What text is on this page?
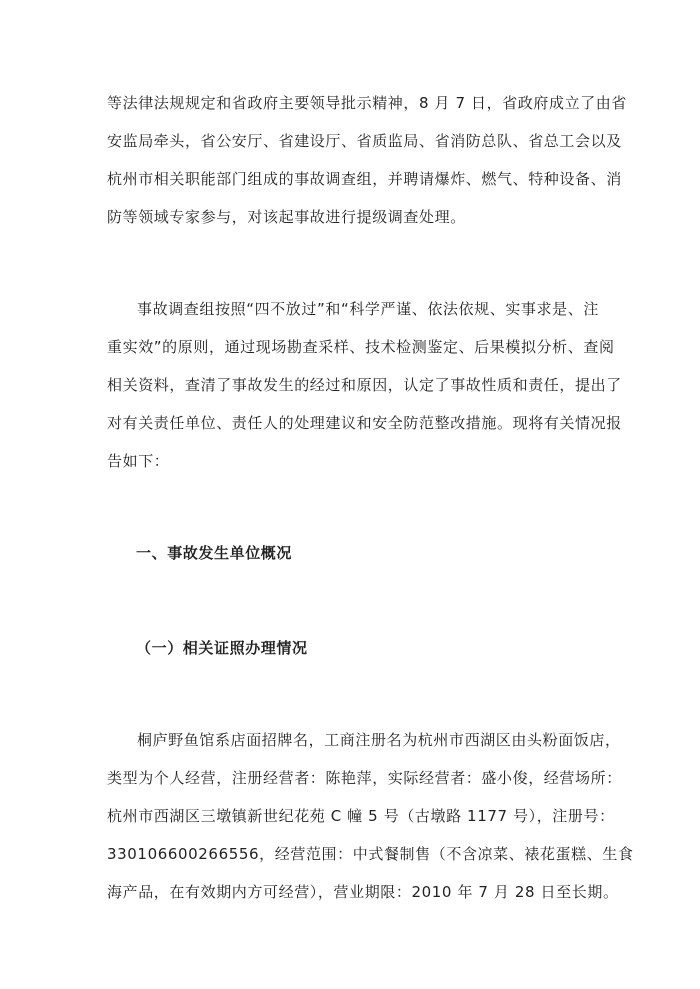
等法律法规规定和省政府主要领导批示精神，8 月 7 日，省政府成立了由省
安监局牵头，省公安厅、省建设厅、省质监局、省消防总队、省总工会以及
杭州市相关职能部门组成的事故调查组，并聘请爆炸、燃气、特种设备、消
防等领域专家参与，对该起事故进行提级调查处理。
事故调查组按照“四不放过”和“科学严谨、依法依规、实事求是、注
重实效”的原则，通过现场勘查采样、技术检测鉴定、后果模拟分析、查阅
相关资料，查清了事故发生的经过和原因，认定了事故性质和责任，提出了
对有关责任单位、责任人的处理建议和安全防范整改措施。现将有关情况报
告如下：
一、事故发生单位概况
（一）相关证照办理情况
桐庐野鱼馆系店面招牌名，工商注册名为杭州市西湖区由头粉面饭店，
类型为个人经营，注册经营者：陈艳萍，实际经营者：盛小俊，经营场所：
杭州市西湖区三墩镇新世纪花苑 C 幢 5 号（古墩路 1177 号），注册号：
330106600266556，经营范围：中式餐制售（不含凉菜、裱花蛋糕、生食
海产品，在有效期内方可经营），营业期限：2010 年 7 月 28 日至长期。
